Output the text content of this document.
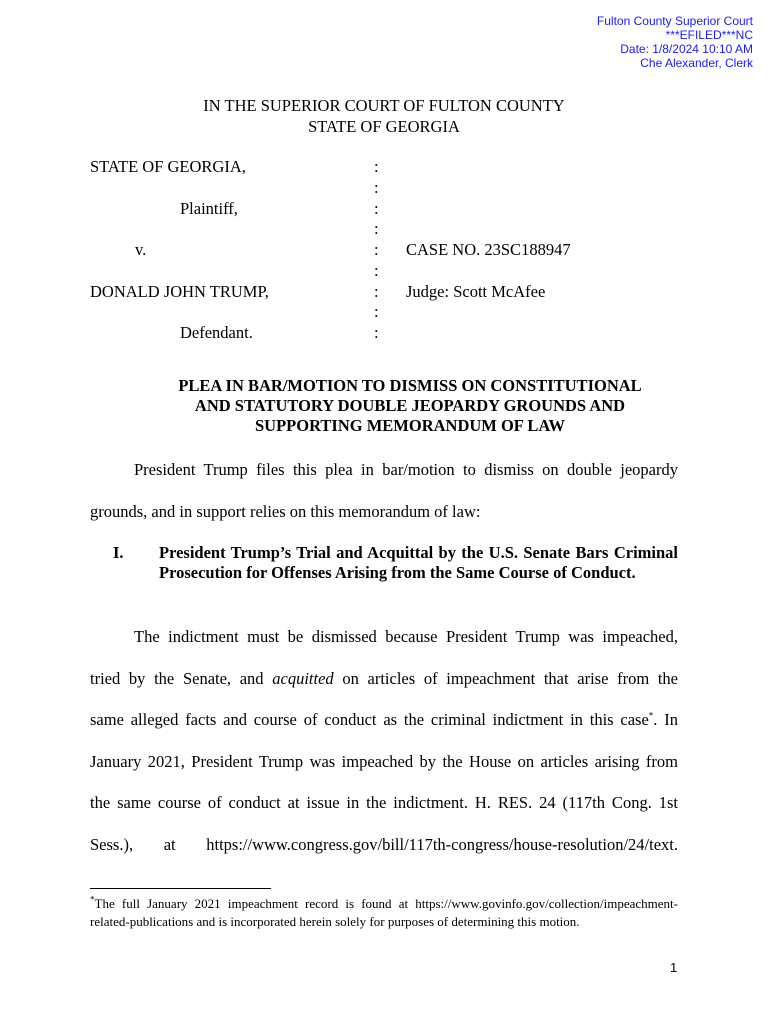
Fulton County Superior Court
***EFILED***NC
Date: 1/8/2024 10:10 AM
Che Alexander, Clerk
IN THE SUPERIOR COURT OF FULTON COUNTY
STATE OF GEORGIA
STATE OF GEORGIA,
Plaintiff,
v.
DONALD JOHN TRUMP,
Defendant.
:
:
:
:
:
:
:
:
:
CASE NO. 23SC188947
Judge: Scott McAfee
PLEA IN BAR/MOTION TO DISMISS ON CONSTITUTIONAL
AND STATUTORY DOUBLE JEOPARDY GROUNDS AND
SUPPORTING MEMORANDUM OF LAW
President Trump files this plea in bar/motion to dismiss on double jeopardy
grounds, and in support relies on this memorandum of law:
I. President Trump’s Trial and Acquittal by the U.S. Senate Bars Criminal Prosecution for Offenses Arising from the Same Course of Conduct.
The indictment must be dismissed because President Trump was impeached,
tried by the Senate, and acquitted on articles of impeachment that arise from the
same alleged facts and course of conduct as the criminal indictment in this case*. In
January 2021, President Trump was impeached by the House on articles arising from
the same course of conduct at issue in the indictment. H. RES. 24 (117th Cong. 1st
Sess.), at https://www.congress.gov/bill/117th-congress/house-resolution/24/text.
*The full January 2021 impeachment record is found at https://www.govinfo.gov/collection/impeachment-related-publications and is incorporated herein solely for purposes of determining this motion.
1
